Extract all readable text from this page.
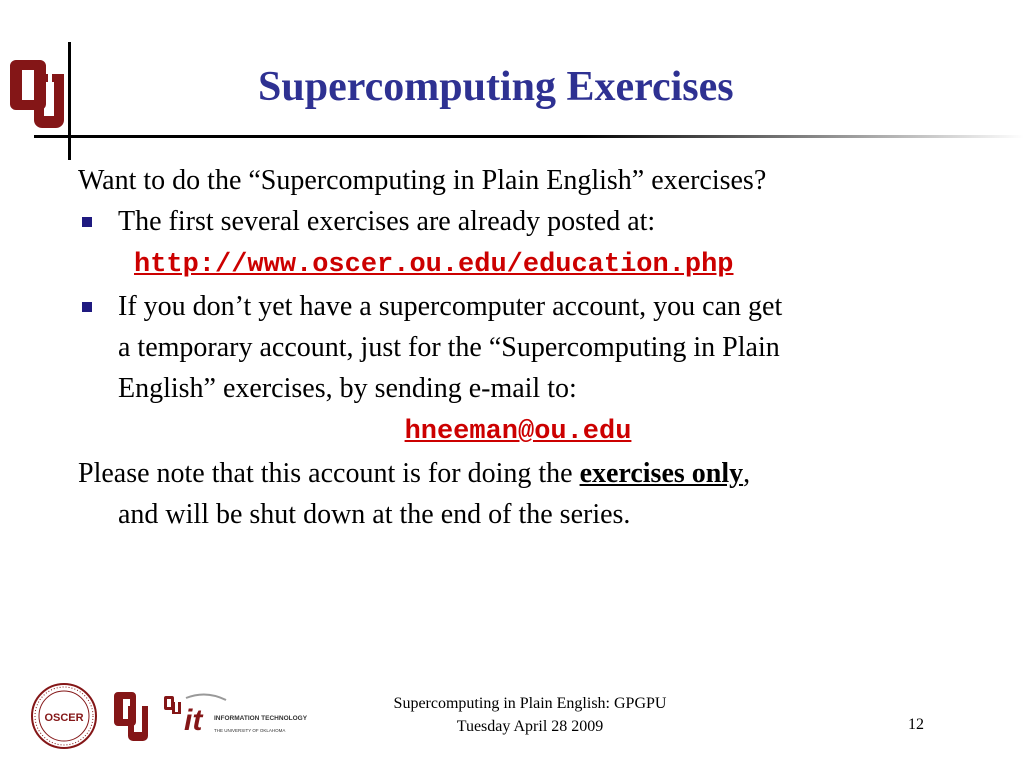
Supercomputing Exercises
Want to do the “Supercomputing in Plain English” exercises?
The first several exercises are already posted at:
http://www.oscer.ou.edu/education.php
If you don’t yet have a supercomputer account, you can get
a temporary account, just for the “Supercomputing in Plain
English” exercises, by sending e-mail to:
hneeman@ou.edu
Please note that this account is for doing the exercises only,
and will be shut down at the end of the series.
OSCER	it	INFORMATION TECHNOLOGY
THE UNIVERSITY OF OKLAHOMA
Supercomputing in Plain English: GPGPU
Tuesday April 28 2009	12
